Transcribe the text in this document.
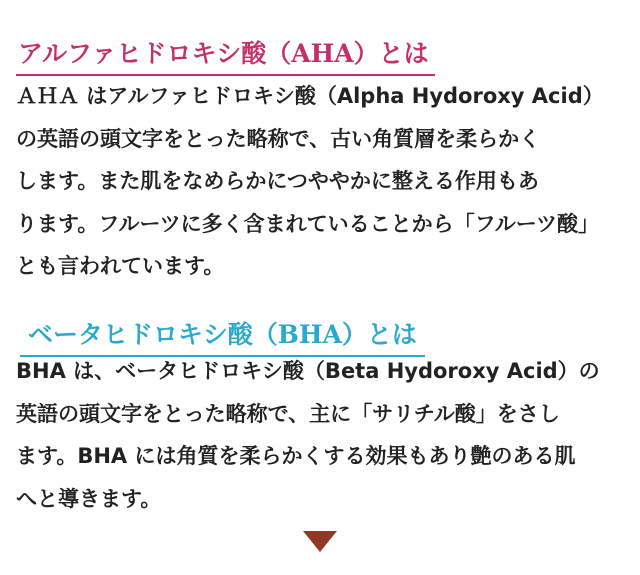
アルファヒドロキシ酸（AHA）とは

ＡＨＡ はアルファヒドロキシ酸（Alpha Hydoroxy Acid）
の英語の頭文字をとった略称で、古い角質層を柔らかく
します。また肌をなめらかにつややかに整える作用もあ
ります。フルーツに多く含まれていることから「フルーツ酸」
とも言われています。

ベータヒドロキシ酸（BHA）とは

BHA は、ベータヒドロキシ酸（Beta Hydoroxy Acid）の
英語の頭文字をとった略称で、主に「サリチル酸」をさし
ます。BHA には角質を柔らかくする効果もあり艶のある肌
へと導きます。
